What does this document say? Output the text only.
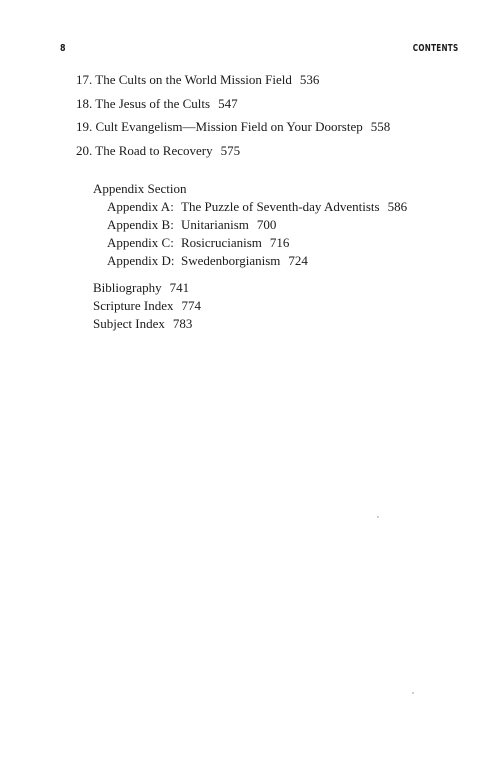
8	CONTENTS
17. The Cults on the World Mission Field 536
18. The Jesus of the Cults 547
19. Cult Evangelism—Mission Field on Your Doorstep 558
20. The Road to Recovery 575
Appendix Section
Appendix A: The Puzzle of Seventh-day Adventists 586
Appendix B: Unitarianism 700
Appendix C: Rosicrucianism 716
Appendix D: Swedenborgianism 724
Bibliography 741
Scripture Index 774
Subject Index 783
